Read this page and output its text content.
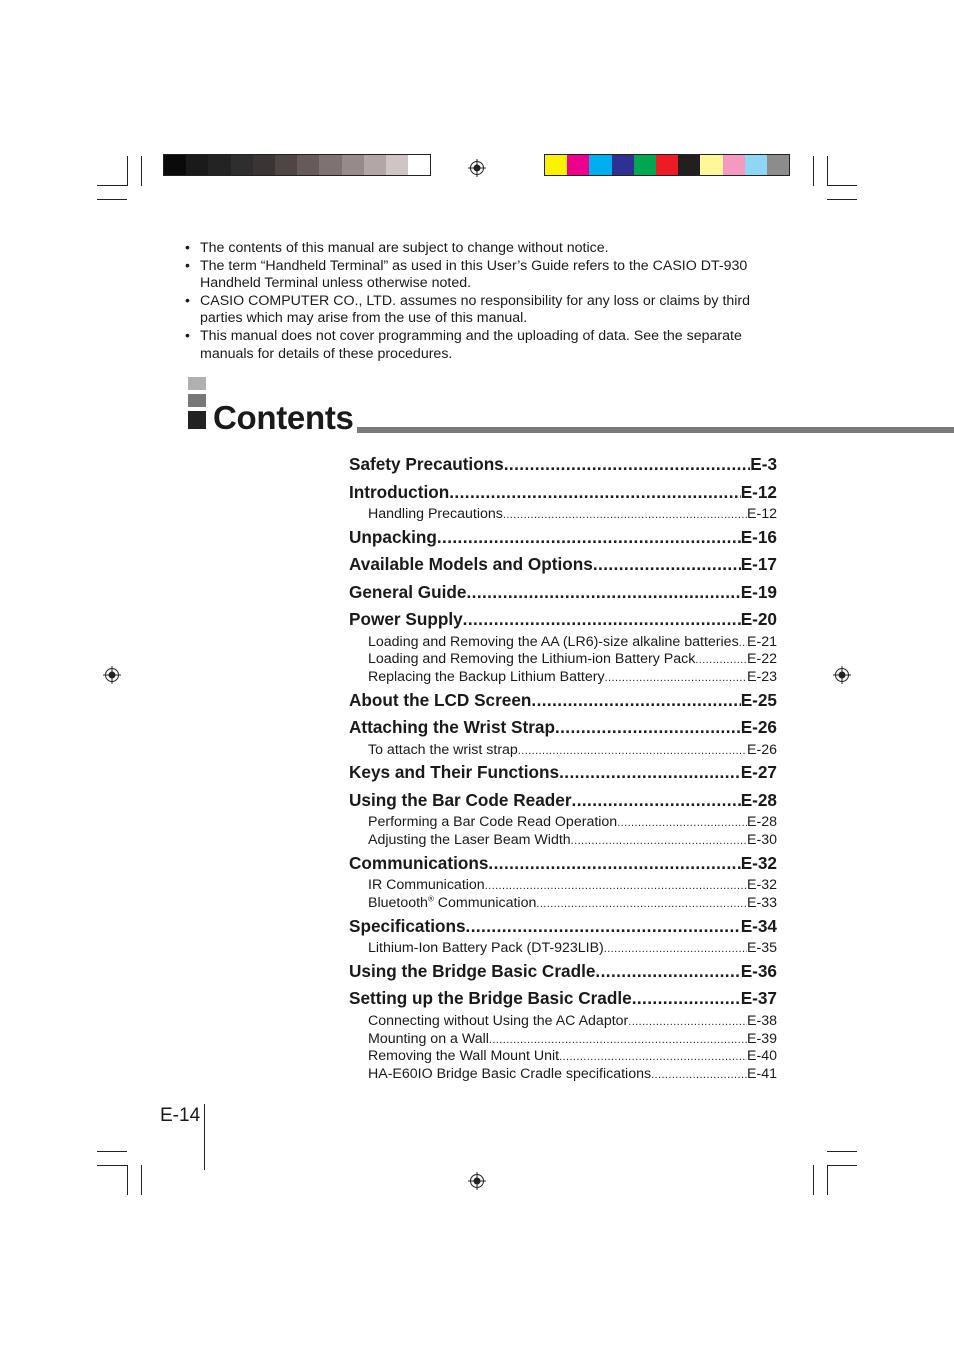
• The contents of this manual are subject to change without notice.
• The term “Handheld Terminal” as used in this User’s Guide refers to the CASIO DT-930 Handheld Terminal unless otherwise noted.
• CASIO COMPUTER CO., LTD. assumes no responsibility for any loss or claims by third parties which may arise from the use of this manual.
• This manual does not cover programming and the uploading of data. See the separate manuals for details of these procedures.
Contents
Safety Precautions .....	E-3
Introduction .....	E-12
Handling Precautions .....	E-12
Unpacking .....	E-16
Available Models and Options .....	E-17
General Guide .....	E-19
Power Supply .....	E-20
Loading and Removing the AA (LR6)-size alkaline batteries ..... E-21
Loading and Removing the Lithium-ion Battery Pack .....	E-22
Replacing the Backup Lithium Battery .....	E-23
About the LCD Screen .....	E-25
Attaching the Wrist Strap .....	E-26
To attach the wrist strap .....	E-26
Keys and Their Functions .....	E-27
Using the Bar Code Reader .....	E-28
Performing a Bar Code Read Operation .....	E-28
Adjusting the Laser Beam Width .....	E-30
Communications .....	E-32
IR Communication .....	E-32
Bluetooth® Communication .....	E-33
Specifications .....	E-34
Lithium-Ion Battery Pack (DT-923LIB) .....	E-35
Using the Bridge Basic Cradle .....	E-36
Setting up the Bridge Basic Cradle .....	E-37
Connecting without Using the AC Adaptor .....	E-38
Mounting on a Wall .....	E-39
Removing the Wall Mount Unit .....	E-40
HA-E60IO Bridge Basic Cradle specifications .....	E-41
E-14
